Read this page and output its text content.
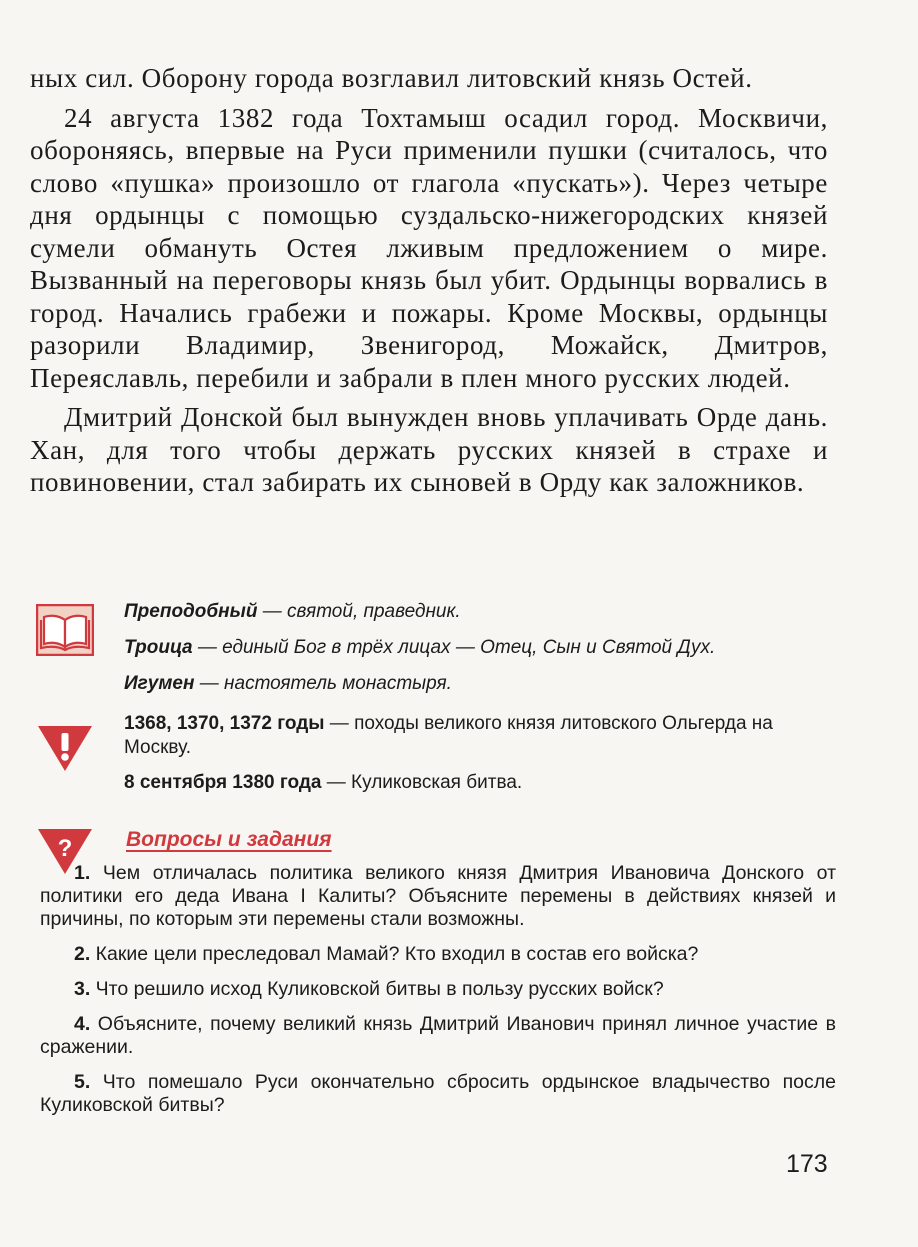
ных сил. Оборону города возглавил литовский князь Остей.

24 августа 1382 года Тохтамыш осадил город. Москвичи, обороняясь, впервые на Руси применили пушки (считалось, что слово «пушка» произошло от глагола «пускать»). Через четыре дня ордынцы с помощью суздальско-нижегородских князей сумели обмануть Остея лживым предложением о мире. Вызванный на переговоры князь был убит. Ордынцы ворвались в город. Начались грабежи и пожары. Кроме Москвы, ордынцы разорили Владимир, Звенигород, Можайск, Дмитров, Переяславль, перебили и забрали в плен много русских людей.

Дмитрий Донской был вынужден вновь уплачивать Орде дань. Хан, для того чтобы держать русских князей в страхе и повиновении, стал забирать их сыновей в Орду как заложников.

Преподобный — святой, праведник.
Троица — единый Бог в трёх лицах — Отец, Сын и Святой Дух.
Игумен — настоятель монастыря.
1368, 1370, 1372 годы — походы великого князя литовского Ольгерда на Москву.
8 сентября 1380 года — Куликовская битва.
?	Вопросы и задания
1. Чем отличалась политика великого князя Дмитрия Ивановича Донского от политики его деда Ивана I Калиты? Объясните перемены в действиях князей и причины, по которым эти перемены стали возможны.
2. Какие цели преследовал Мамай? Кто входил в состав его войска?
3. Что решило исход Куликовской битвы в пользу русских войск?
4. Объясните, почему великий князь Дмитрий Иванович принял личное участие в сражении.
5. Что помешало Руси окончательно сбросить ордынское владычество после Куликовской битвы?
173
